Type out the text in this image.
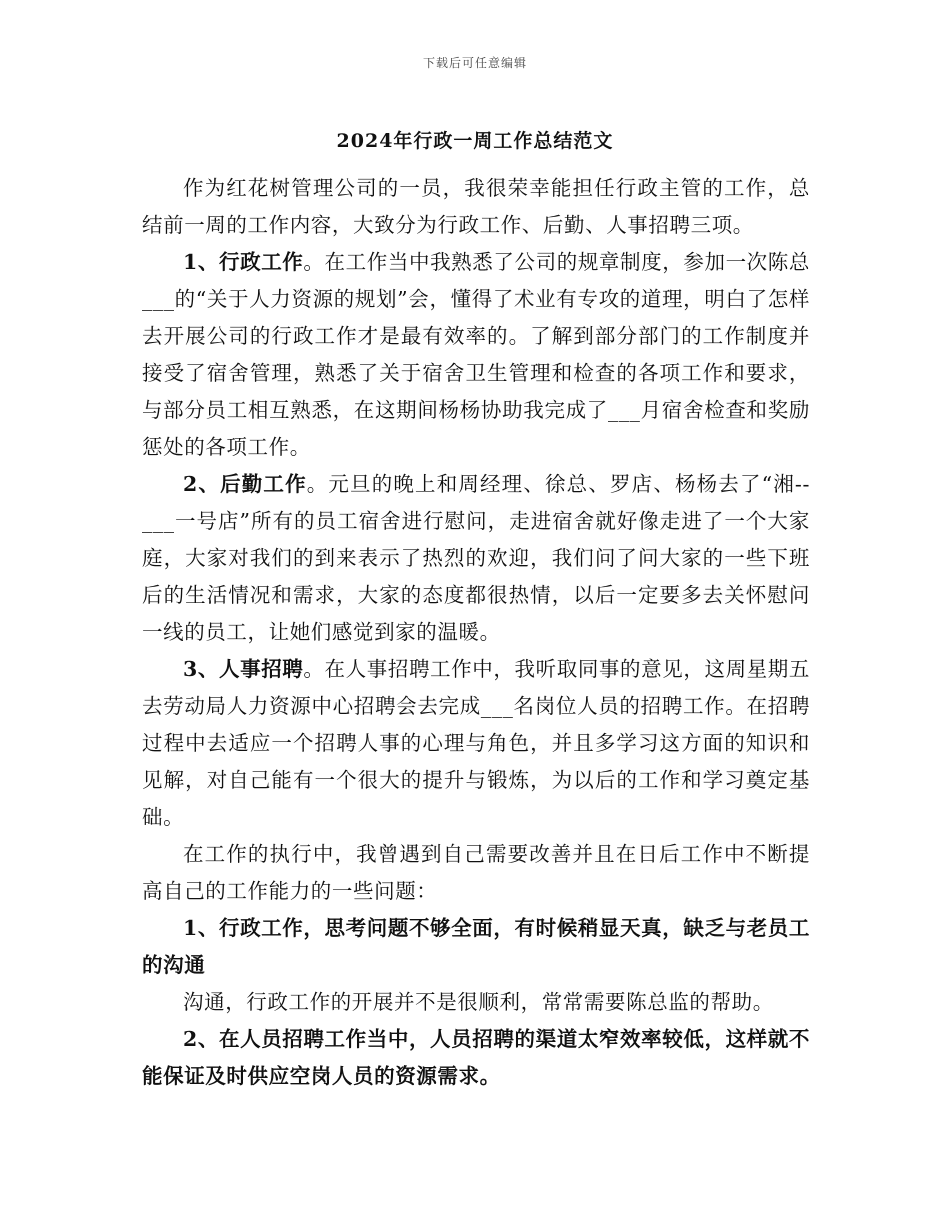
下载后可任意编辑
2024年行政一周工作总结范文

作为红花树管理公司的一员，我很荣幸能担任行政主管的工作，总结前一周的工作内容，大致分为行政工作、后勤、人事招聘三项。

1、行政工作。在工作当中我熟悉了公司的规章制度，参加一次陈总___的“关于人力资源的规划”会，懂得了术业有专攻的道理，明白了怎样去开展公司的行政工作才是最有效率的。了解到部分部门的工作制度并接受了宿舍管理，熟悉了关于宿舍卫生管理和检查的各项工作和要求，与部分员工相互熟悉，在这期间杨杨协助我完成了___月宿舍检查和奖励惩处的各项工作。

2、后勤工作。元旦的晚上和周经理、徐总、罗店、杨杨去了“湘--___一号店”所有的员工宿舍进行慰问，走进宿舍就好像走进了一个大家庭，大家对我们的到来表示了热烈的欢迎，我们问了问大家的一些下班后的生活情况和需求，大家的态度都很热情，以后一定要多去关怀慰问一线的员工，让她们感觉到家的温暖。

3、人事招聘。在人事招聘工作中，我听取同事的意见，这周星期五去劳动局人力资源中心招聘会去完成___名岗位人员的招聘工作。在招聘过程中去适应一个招聘人事的心理与角色，并且多学习这方面的知识和见解，对自己能有一个很大的提升与锻炼，为以后的工作和学习奠定基础。

在工作的执行中，我曾遇到自己需要改善并且在日后工作中不断提高自己的工作能力的一些问题：

1、行政工作，思考问题不够全面，有时候稍显天真，缺乏与老员工的沟通

沟通，行政工作的开展并不是很顺利，常常需要陈总监的帮助。

2、在人员招聘工作当中，人员招聘的渠道太窄效率较低，这样就不能保证及时供应空岗人员的资源需求。
